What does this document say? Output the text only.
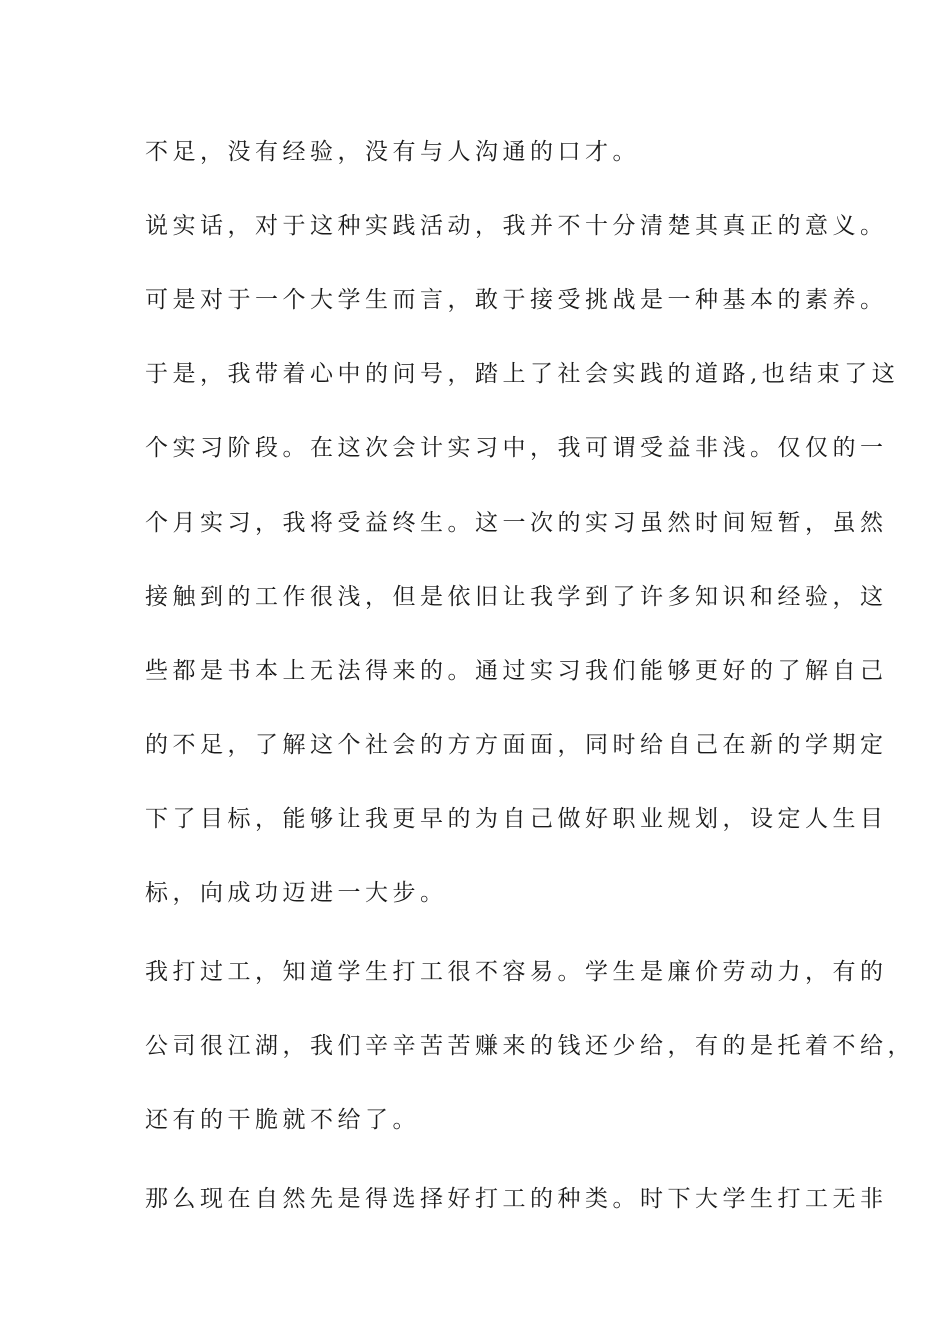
不足，没有经验，没有与人沟通的口才。
说实话，对于这种实践活动，我并不十分清楚其真正的意义。
可是对于一个大学生而言，敢于接受挑战是一种基本的素养。
于是，我带着心中的问号，踏上了社会实践的道路,也结束了这
个实习阶段。在这次会计实习中，我可谓受益非浅。仅仅的一
个月实习，我将受益终生。这一次的实习虽然时间短暂，虽然
接触到的工作很浅，但是依旧让我学到了许多知识和经验，这
些都是书本上无法得来的。通过实习我们能够更好的了解自己
的不足，了解这个社会的方方面面，同时给自己在新的学期定
下了目标，能够让我更早的为自己做好职业规划，设定人生目
标，向成功迈进一大步。
我打过工，知道学生打工很不容易。学生是廉价劳动力，有的
公司很江湖，我们辛辛苦苦赚来的钱还少给，有的是托着不给，
还有的干脆就不给了。
那么现在自然先是得选择好打工的种类。时下大学生打工无非
